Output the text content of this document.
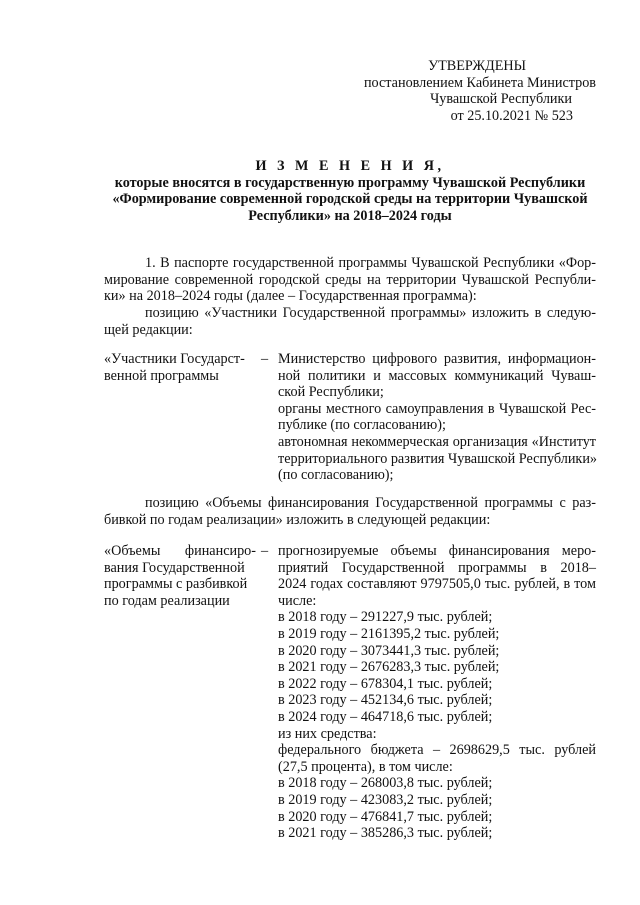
УТВЕРЖДЕНЫ
постановлением Кабинета Министров
Чувашской Республики
от 25.10.2021 № 523
И З М Е Н Е Н И Я,
которые вносятся в государственную программу Чувашской Республики
«Формирование современной городской среды на территории Чувашской
Республики» на 2018–2024 годы
1. В паспорте государственной программы Чувашской Республики «Фор-
мирование современной городской среды на территории Чувашской Республи-
ки» на 2018–2024 годы (далее – Государственная программа):
позицию «Участники Государственной программы» изложить в следую-
щей редакции:
«Участники Государст-
венной программы
– Министерство цифрового развития, информацион-
ной политики и массовых коммуникаций Чуваш-
ской Республики;
органы местного самоуправления в Чувашской Рес-
публике (по согласованию);
автономная некоммерческая организация «Институт
территориального развития Чувашской Республики»
(по согласованию);
позицию «Объемы финансирования Государственной программы с раз-
бивкой по годам реализации» изложить в следующей редакции:
«Объемы финансиро-
вания Государственной
программы с разбивкой
по годам реализации
– прогнозируемые объемы финансирования меро-
приятий Государственной программы в 2018–
2024 годах составляют 9797505,0 тыс. рублей, в том
числе:
в 2018 году – 291227,9 тыс. рублей;
в 2019 году – 2161395,2 тыс. рублей;
в 2020 году – 3073441,3 тыс. рублей;
в 2021 году – 2676283,3 тыс. рублей;
в 2022 году – 678304,1 тыс. рублей;
в 2023 году – 452134,6 тыс. рублей;
в 2024 году – 464718,6 тыс. рублей;
из них средства:
федерального бюджета – 2698629,5 тыс. рублей
(27,5 процента), в том числе:
в 2018 году – 268003,8 тыс. рублей;
в 2019 году – 423083,2 тыс. рублей;
в 2020 году – 476841,7 тыс. рублей;
в 2021 году – 385286,3 тыс. рублей;
